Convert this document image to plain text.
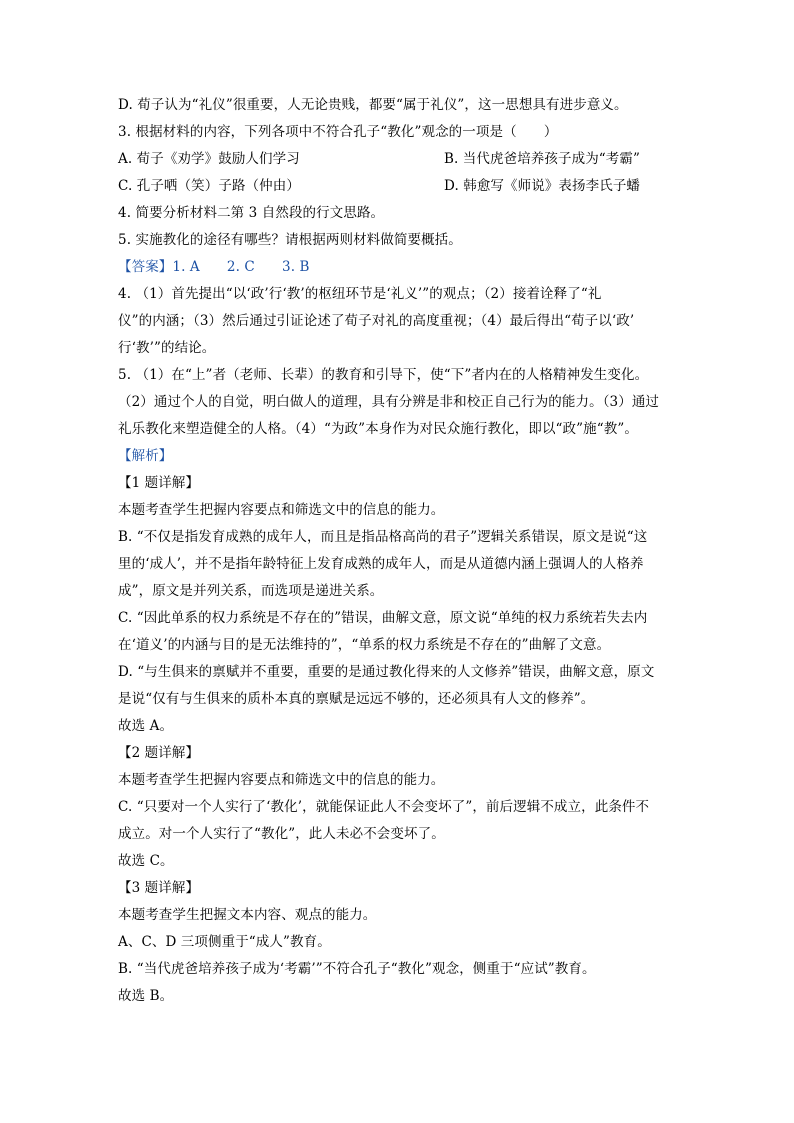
D. 荀子认为“礼仪”很重要，人无论贵贱，都要“属于礼仪”，这一思想具有进步意义。
3. 根据材料的内容，下列各项中不符合孔子“教化”观念的一项是（　　）
A. 荀子《劝学》鼓励人们学习	B. 当代虎爸培养孩子成为“考霸”
C. 孔子哂（笑）子路（仲由）	D. 韩愈写《师说》表扬李氏子蟠
4. 简要分析材料二第 3 自然段的行文思路。
5. 实施教化的途径有哪些？请根据两则材料做简要概括。
【答案】1. A　　2. C　　3. B
4. （1）首先提出“以‘政’行‘教’的枢纽环节是‘礼义’”的观点；（2）接着诠释了“礼
仪”的内涵；（3）然后通过引证论述了荀子对礼的高度重视；（4）最后得出“荀子以‘政’
行‘教’”的结论。
5. （1）在“上”者（老师、长辈）的教育和引导下，使“下”者内在的人格精神发生变化。
（2）通过个人的自觉，明白做人的道理，具有分辨是非和校正自己行为的能力。（3）通过
礼乐教化来塑造健全的人格。（4）“为政”本身作为对民众施行教化，即以“政”施“教”。
【解析】
【1 题详解】
本题考查学生把握内容要点和筛选文中的信息的能力。
B. “不仅是指发育成熟的成年人，而且是指品格高尚的君子”逻辑关系错误，原文是说“这
里的‘成人’，并不是指年龄特征上发育成熟的成年人，而是从道德内涵上强调人的人格养
成”，原文是并列关系，而选项是递进关系。
C. “因此单系的权力系统是不存在的”错误，曲解文意，原文说“单纯的权力系统若失去内
在‘道义’的内涵与目的是无法维持的”，“单系的权力系统是不存在的”曲解了文意。
D. “与生俱来的禀赋并不重要，重要的是通过教化得来的人文修养”错误，曲解文意，原文
是说“仅有与生俱来的质朴本真的禀赋是远远不够的，还必须具有人文的修养”。
故选 A。
【2 题详解】
本题考查学生把握内容要点和筛选文中的信息的能力。
C. “只要对一个人实行了‘教化’，就能保证此人不会变坏了”，前后逻辑不成立，此条件不
成立。对一个人实行了“教化”，此人未必不会变坏了。
故选 C。
【3 题详解】
本题考查学生把握文本内容、观点的能力。
A、C、D 三项侧重于“成人”教育。
B. “当代虎爸培养孩子成为‘考霸’”不符合孔子“教化”观念，侧重于“应试”教育。
故选 B。
